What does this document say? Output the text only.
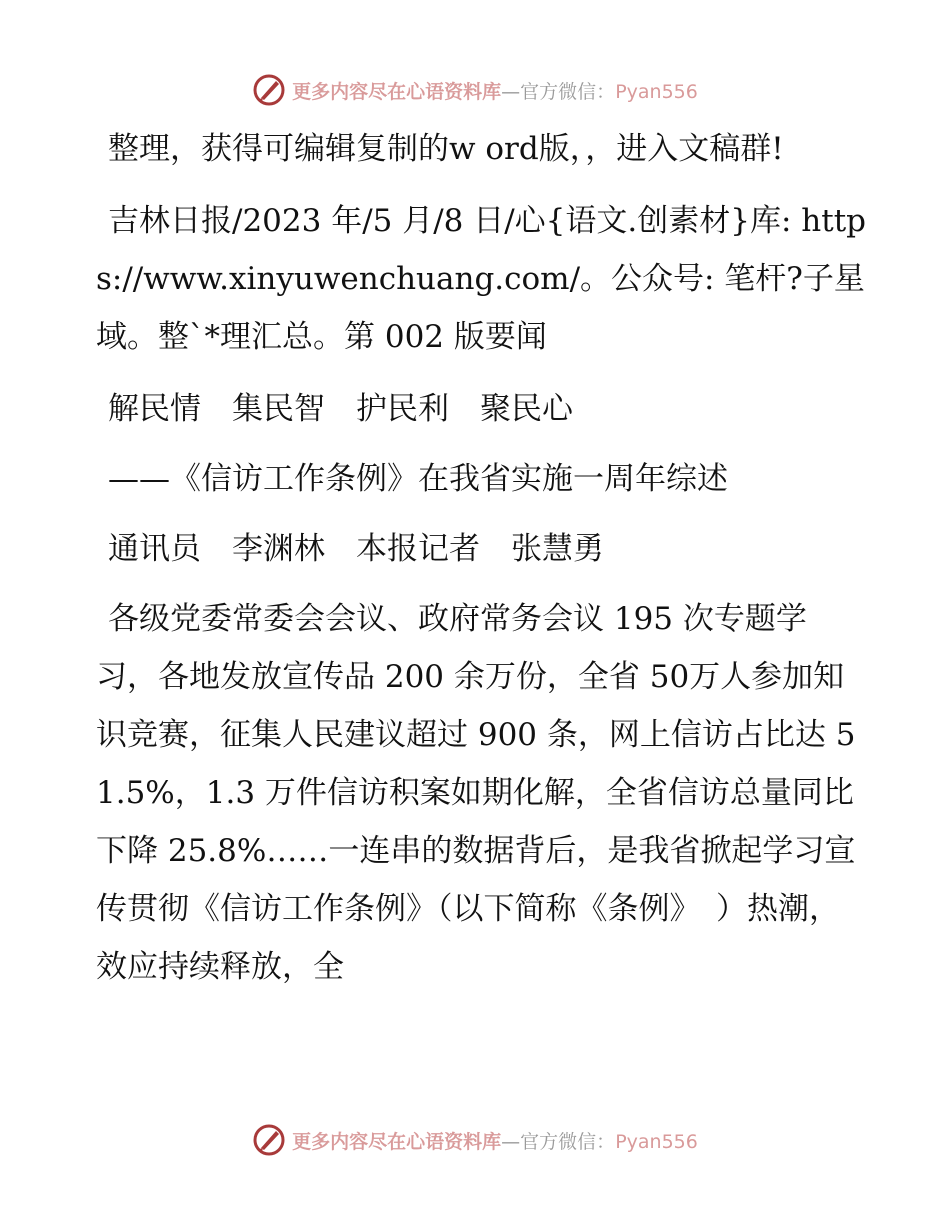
更多内容尽在心语资料库—官方微信：Pyan556

整理，获得可编辑复制的w ord版，，进入文稿群!

吉林日报/2023 年/5 月/8 日/心{语文.创素材}库: https://www.xinyuwenchuang.com/。公众号: 笔杆?子星域。整`*理汇总。第 002 版要闻

解民情　集民智　护民利　聚民心

——《信访工作条例》在我省实施一周年综述

通讯员　李渊林　本报记者　张慧勇

各级党委常委会会议、政府常务会议 195 次专题学习，各地发放宣传品 200 余万份，全省 50万人参加知识竞赛，征集人民建议超过 900 条，网上信访占比达 51.5%，1.3 万件信访积案如期化解，全省信访总量同比下降 25.8%……一连串的数据背后，是我省掀起学习宣传贯彻《信访工作条例》（以下简称《条例》　）热潮，效应持续释放，全

更多内容尽在心语资料库—官方微信：Pyan556
